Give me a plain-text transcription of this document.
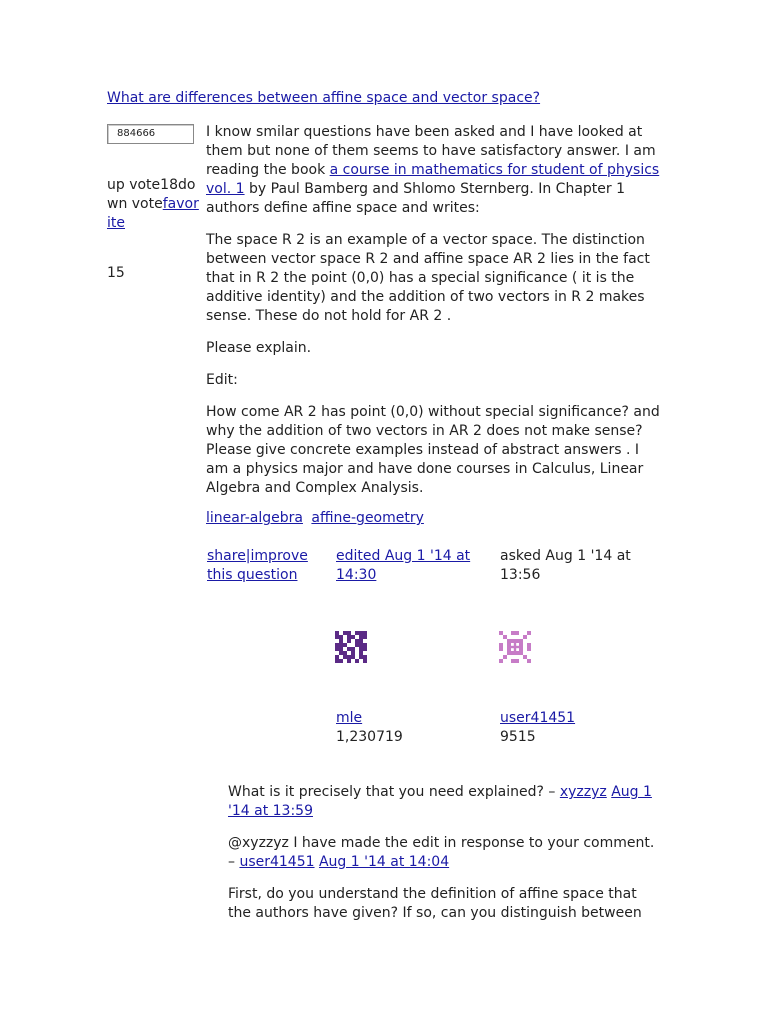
What are differences between affine space and vector space?
884666
up vote18down votefavorite
15

I know smilar questions have been asked and I have looked at them but none of them seems to have satisfactory answer. I am reading the book a course in mathematics for student of physics vol. 1 by Paul Bamberg and Shlomo Sternberg. In Chapter 1 authors define affine space and writes:

The space R 2 is an example of a vector space. The distinction between vector space R 2 and affine space AR 2 lies in the fact that in R 2 the point (0,0) has a special significance ( it is the additive identity) and the addition of two vectors in R 2 makes sense. These do not hold for AR 2 .

Please explain.

Edit:

How come AR 2 has point (0,0) without special significance? and why the addition of two vectors in AR 2 does not make sense? Please give concrete examples instead of abstract answers . I am a physics major and have done courses in Calculus, Linear Algebra and Complex Analysis.

linear-algebra affine-geometry
share|improve this question
edited Aug 1 '14 at 14:30
asked Aug 1 '14 at 13:56
mle
1,230719
user41451
9515

What is it precisely that you need explained? – xyzzyz Aug 1 '14 at 13:59

@xyzzyz I have made the edit in response to your comment. – user41451 Aug 1 '14 at 14:04

First, do you understand the definition of affine space that the authors have given? If so, can you distinguish between
